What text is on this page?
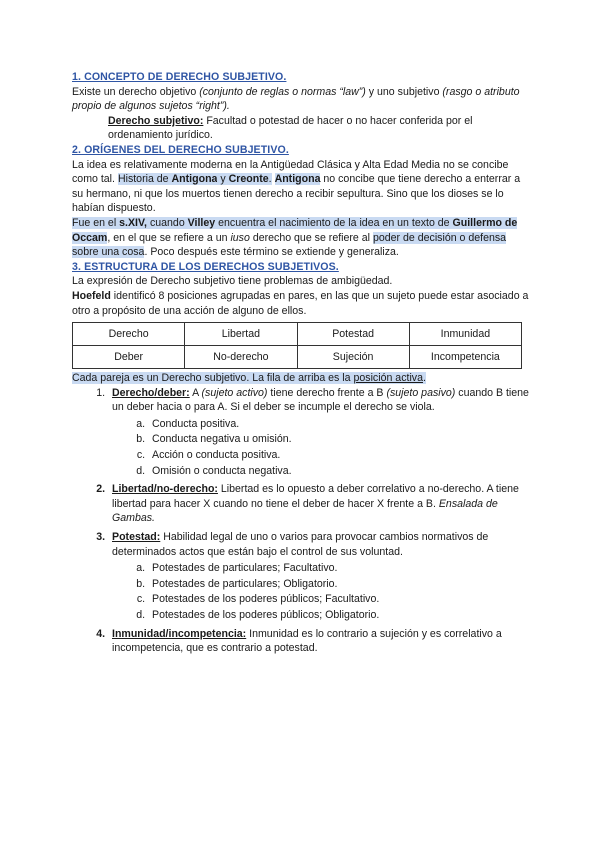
1. CONCEPTO DE DERECHO SUBJETIVO.

Existe un derecho objetivo (conjunto de reglas o normas “law”) y uno subjetivo (rasgo o atributo propio de algunos sujetos “right”).

Derecho subjetivo: Facultad o potestad de hacer o no hacer conferida por el ordenamiento jurídico.

2. ORÍGENES DEL DERECHO SUBJETIVO.

La idea es relativamente moderna en la Antigüedad Clásica y Alta Edad Media no se concibe como tal. Historia de Antigona y Creonte. Antigona no concibe que tiene derecho a enterrar a su hermano, ni que los muertos tienen derecho a recibir sepultura. Sino que los dioses se lo habían dispuesto.

Fue en el s.XIV, cuando Villey encuentra el nacimiento de la idea en un texto de Guillermo de Occam, en el que se refiere a un iuso derecho que se refiere al poder de decisión o defensa sobre una cosa. Poco después este término se extiende y generaliza.

3. ESTRUCTURA DE LOS DERECHOS SUBJETIVOS.

La expresión de Derecho subjetivo tiene problemas de ambigüedad.

Hoefeld identificó 8 posiciones agrupadas en pares, en las que un sujeto puede estar asociado a otro a propósito de una acción de alguno de ellos.

Derecho	Libertad	Potestad	Inmunidad
Deber	No-derecho	Sujeción	Incompetencia

Cada pareja es un Derecho subjetivo. La fila de arriba es la posición activa.

1. Derecho/deber: A (sujeto activo) tiene derecho frente a B (sujeto pasivo) cuando B tiene un deber hacia o para A. Si el deber se incumple el derecho se viola.
a. Conducta positiva.
b. Conducta negativa u omisión.
c. Acción o conducta positiva.
d. Omisión o conducta negativa.
2. Libertad/no-derecho: Libertad es lo opuesto a deber correlativo a no-derecho. A tiene libertad para hacer X cuando no tiene el deber de hacer X frente a B. Ensalada de Gambas.
3. Potestad: Habilidad legal de uno o varios para provocar cambios normativos de determinados actos que están bajo el control de sus voluntad.
a. Potestades de particulares; Facultativo.
b. Potestades de particulares; Obligatorio.
c. Potestades de los poderes públicos; Facultativo.
d. Potestades de los poderes públicos; Obligatorio.
4. Inmunidad/incompetencia: Inmunidad es lo contrario a sujeción y es correlativo a incompetencia, que es contrario a potestad.
